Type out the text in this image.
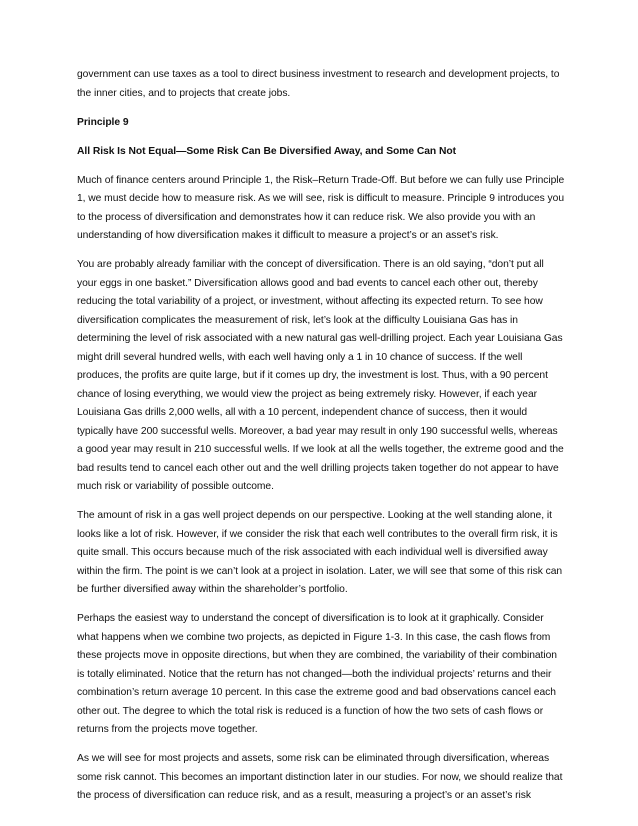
government can use taxes as a tool to direct business investment to research and development projects, to the inner cities, and to projects that create jobs.

Principle 9

All Risk Is Not Equal—Some Risk Can Be Diversified Away, and Some Can Not

Much of finance centers around Principle 1, the Risk–Return Trade-Off. But before we can fully use Principle 1, we must decide how to measure risk. As we will see, risk is difficult to measure. Principle 9 introduces you to the process of diversification and demonstrates how it can reduce risk. We also provide you with an understanding of how diversification makes it difficult to measure a project’s or an asset’s risk.

You are probably already familiar with the concept of diversification. There is an old saying, “don’t put all your eggs in one basket.” Diversification allows good and bad events to cancel each other out, thereby reducing the total variability of a project, or investment, without affecting its expected return. To see how diversification complicates the measurement of risk, let’s look at the difficulty Louisiana Gas has in determining the level of risk associated with a new natural gas well-drilling project. Each year Louisiana Gas might drill several hundred wells, with each well having only a 1 in 10 chance of success. If the well produces, the profits are quite large, but if it comes up dry, the investment is lost. Thus, with a 90 percent chance of losing everything, we would view the project as being extremely risky. However, if each year Louisiana Gas drills 2,000 wells, all with a 10 percent, independent chance of success, then it would typically have 200 successful wells. Moreover, a bad year may result in only 190 successful wells, whereas a good year may result in 210 successful wells. If we look at all the wells together, the extreme good and the bad results tend to cancel each other out and the well drilling projects taken together do not appear to have much risk or variability of possible outcome.

The amount of risk in a gas well project depends on our perspective. Looking at the well standing alone, it looks like a lot of risk. However, if we consider the risk that each well contributes to the overall firm risk, it is quite small. This occurs because much of the risk associated with each individual well is diversified away within the firm. The point is we can’t look at a project in isolation. Later, we will see that some of this risk can be further diversified away within the shareholder’s portfolio.

Perhaps the easiest way to understand the concept of diversification is to look at it graphically. Consider what happens when we combine two projects, as depicted in Figure 1-3. In this case, the cash flows from these projects move in opposite directions, but when they are combined, the variability of their combination is totally eliminated. Notice that the return has not changed—both the individual projects’ returns and their combination’s return average 10 percent. In this case the extreme good and bad observations cancel each other out. The degree to which the total risk is reduced is a function of how the two sets of cash flows or returns from the projects move together.

As we will see for most projects and assets, some risk can be eliminated through diversification, whereas some risk cannot. This becomes an important distinction later in our studies. For now, we should realize that the process of diversification can reduce risk, and as a result, measuring a project’s or an asset’s risk
